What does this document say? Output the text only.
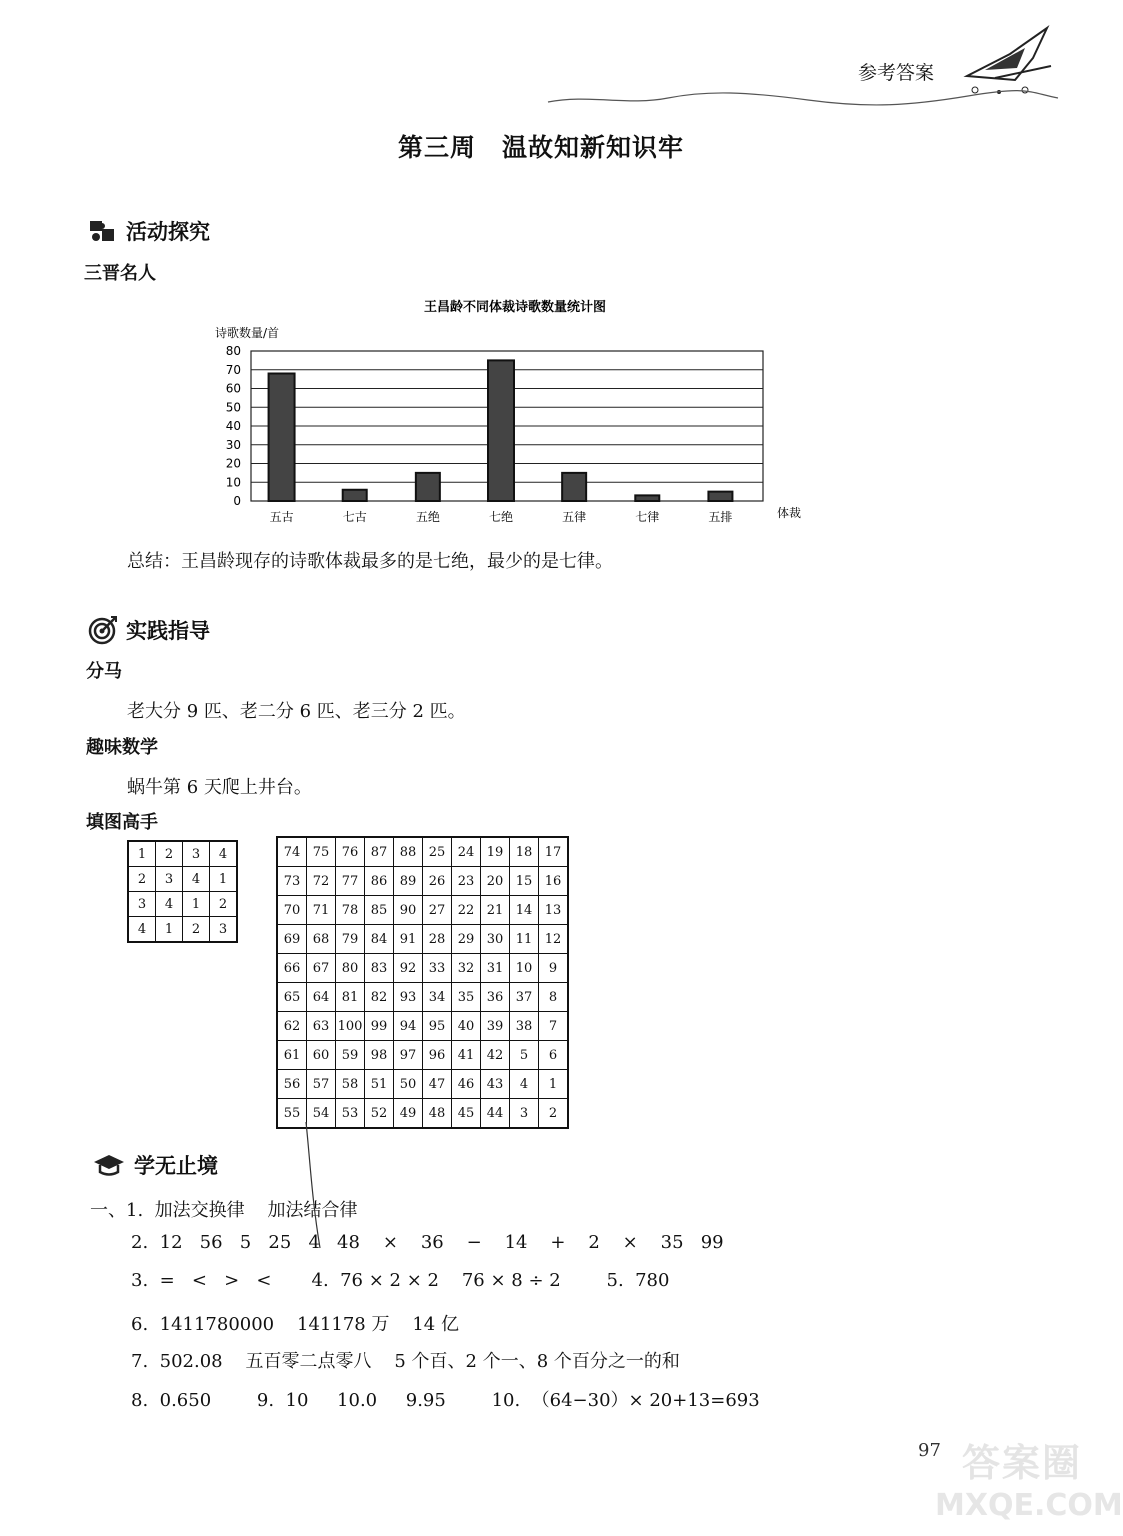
参考答案
第三周　温故知新知识牢
活动探究
三晋名人
王昌龄不同体裁诗歌数量统计图
诗歌数量/首
0
10
20
30
40
50
60
70
80
五古	七古	五绝	七绝	五律	七律	五排	体裁
总结：王昌龄现存的诗歌体裁最多的是七绝，最少的是七律。
实践指导
分马
老大分 9 匹、老二分 6 匹、老三分 2 匹。
趣味数学
蜗牛第 6 天爬上井台。
填图高手
1	2	3	4
2	3	4	1
3	4	1	2
4	1	2	3
74	75	76	87	88	25	24	19	18	17
73	72	77	86	89	26	23	20	15	16
70	71	78	85	90	27	22	21	14	13
69	68	79	84	91	28	29	30	11	12
66	67	80	83	92	33	32	31	10	9
65	64	81	82	93	34	35	36	37	8
62	63	100	99	94	95	40	39	38	7
61	60	59	98	97	96	41	42	5	6
56	57	58	51	50	47	46	43	4	1
55	54	53	52	49	48	45	44	3	2
学无止境
一、1.  加法交换律    加法结合律
2.  12   56   5   25   4   48    ×    36    −    14    +    2    ×    35   99
3.  =   <   >   <       4.  76 × 2 × 2    76 × 8 ÷ 2        5.  780
6.  1411780000    141178 万    14 亿
7.  502.08    五百零二点零八    5 个百、2 个一、8 个百分之一的和
8.  0.650        9.  10     10.0     9.95        10.  （64−30）× 20+13=693
97 答案圈
MXQE.COM
